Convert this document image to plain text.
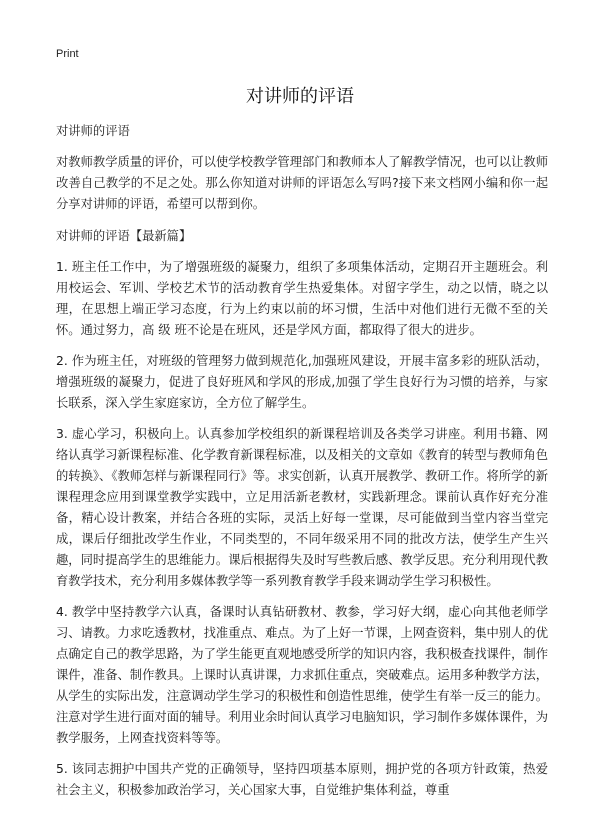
Print
对讲师的评语

对讲师的评语

对教师教学质量的评价，可以使学校教学管理部门和教师本人了解教学情况，也可以让教师改善自己教学的不足之处。那么你知道对讲师的评语怎么写吗?接下来文档网小编和你一起分享对讲师的评语，希望可以帮到你。

对讲师的评语【最新篇】

1. 班主任工作中，为了增强班级的凝聚力，组织了多项集体活动，定期召开主题班会。利用校运会、军训、学校艺术节的活动教育学生热爱集体。对留字学生，动之以情，晓之以理，在思想上端正学习态度，行为上约束以前的坏习惯，生活中对他们进行无微不至的关怀。通过努力，高 级 班不论是在班风，还是学风方面，都取得了很大的进步。

2. 作为班主任，对班级的管理努力做到规范化,加强班风建设，开展丰富多彩的班队活动，增强班级的凝聚力，促进了良好班风和学风的形成,加强了学生良好行为习惯的培养，与家长联系，深入学生家庭家访，全方位了解学生。

3. 虚心学习，积极向上。认真参加学校组织的新课程培训及各类学习讲座。利用书籍、网络认真学习新课程标准、化学教育新课程标准，以及相关的文章如《教育的转型与教师角色的转换》、《教师怎样与新课程同行》等。求实创新，认真开展教学、教研工作。将所学的新课程理念应用到课堂教学实践中，立足用活新老教材，实践新理念。课前认真作好充分准备，精心设计教案，并结合各班的实际，灵活上好每一堂课，尽可能做到当堂内容当堂完成，课后仔细批改学生作业，不同类型的，不同年级采用不同的批改方法，使学生产生兴趣，同时提高学生的思维能力。课后根据得失及时写些教后感、教学反思。充分利用现代教育教学技术，充分利用多媒体教学等一系列教育教学手段来调动学生学习积极性。

4. 教学中坚持教学六认真，备课时认真钻研教材、教参，学习好大纲，虚心向其他老师学习、请教。力求吃透教材，找准重点、难点。为了上好一节课，上网查资料，集中别人的优点确定自己的教学思路，为了学生能更直观地感受所学的知识内容，我积极查找课件，制作课件，准备、制作教具。上课时认真讲课，力求抓住重点，突破难点。运用多种教学方法，从学生的实际出发，注意调动学生学习的积极性和创造性思维，使学生有举一反三的能力。注意对学生进行面对面的辅导。利用业余时间认真学习电脑知识，学习制作多媒体课件，为教学服务，上网查找资料等等。

5. 该同志拥护中国共产党的正确领导，坚持四项基本原则，拥护党的各项方针政策，热爱社会主义，积极参加政治学习，关心国家大事，自觉维护集体利益，尊重
